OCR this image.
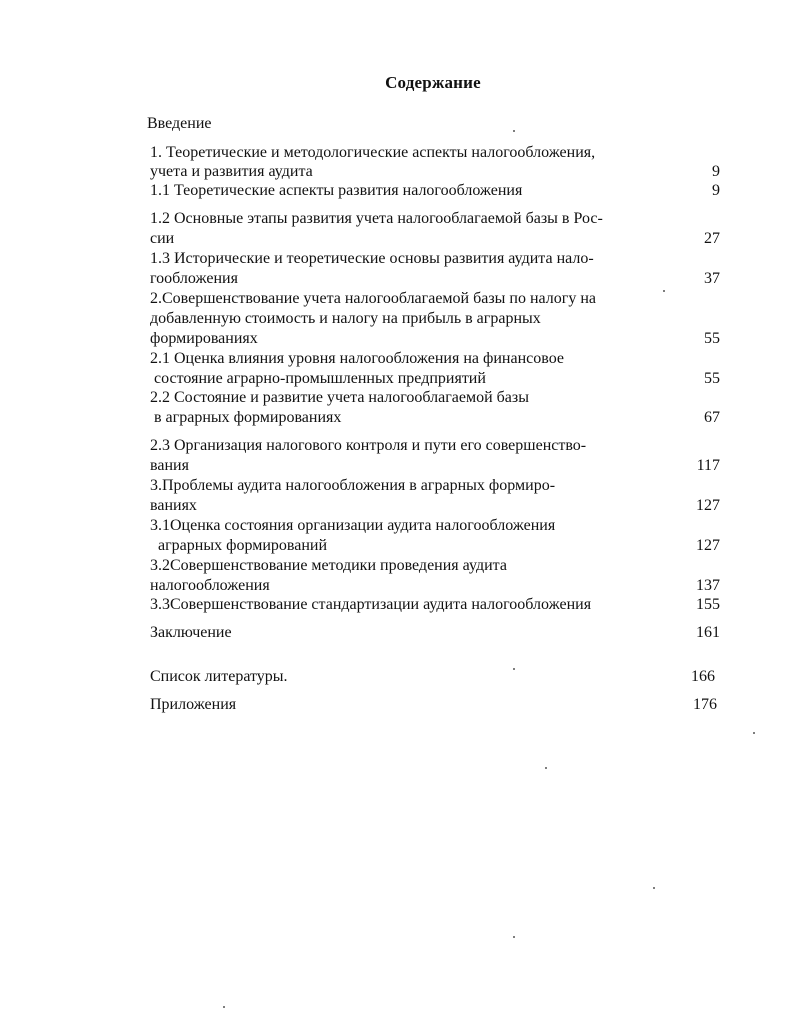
Содержание
Введение
1. Теоретические и методологические аспекты налогообложения,
учета и развития аудита	9
1.1 Теоретические аспекты развития налогообложения	9
1.2 Основные этапы развития учета налогооблагаемой базы в Рос-
сии	27
1.3 Исторические и теоретические основы развития аудита нало-
гообложения	37
2.Совершенствование учета налогооблагаемой базы по налогу на
добавленную стоимость и налогу на прибыль в аграрных
формированиях	55
2.1 Оценка влияния уровня налогообложения на финансовое
состояние аграрно-промышленных предприятий	55
2.2 Состояние и развитие учета налогооблагаемой базы
в аграрных формированиях	67
2.3 Организация налогового контроля и пути его совершенство-
вания	117
3.Проблемы аудита налогообложения в аграрных формиро-
ваниях	127
3.1Оценка состояния организации аудита налогообложения
аграрных формирований	127
3.2Совершенствование методики проведения аудита
налогообложения	137
3.3Совершенствование стандартизации аудита налогообложения	155
Заключение	161
Список литературы.	166
Приложения	176
